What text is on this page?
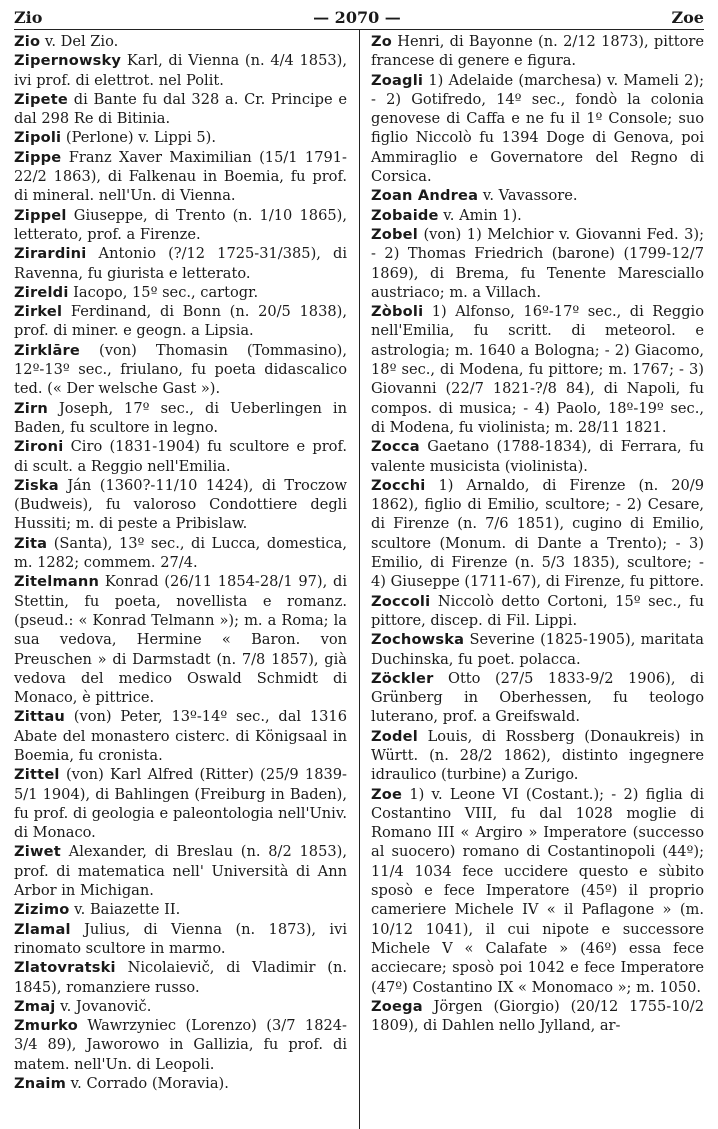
Zio	— 2070 —	Zoe

Zio v. Del Zio.

Zipernowsky Karl, di Vienna (n. 4/4 1853), ivi prof. di elettrot. nel Polit.

Zipete di Bante fu dal 328 a. Cr. Principe e dal 298 Re di Bitinia.

Zipoli (Perlone) v. Lippi 5).

Zippe Franz Xaver Maximilian (15/1 1791-22/2 1863), di Falkenau in Boemia, fu prof. di mineral. nell'Un. di Vienna.

Zippel Giuseppe, di Trento (n. 1/10 1865), letterato, prof. a Firenze.

Zirardini Antonio (?/12 1725-31/385), di Ravenna, fu giurista e letterato.

Zireldi Iacopo, 15º sec., cartogr.

Zirkel Ferdinand, di Bonn (n. 20/5 1838), prof. di miner. e geogn. a Lipsia.

Zirklāre (von) Thomasin (Tommasino), 12º-13º sec., friulano, fu poeta didascalico ted. (« Der welsche Gast »).

Zirn Joseph, 17º sec., di Ueberlingen in Baden, fu scultore in legno.

Zironi Ciro (1831-1904) fu scultore e prof. di scult. a Reggio nell'Emilia.

Ziska Ján (1360?-11/10 1424), di Troczow (Budweis), fu valoroso Condottiere degli Hussiti; m. di peste a Pribislaw.

Zita (Santa), 13º sec., di Lucca, domestica, m. 1282; commem. 27/4.

Zitelmann Konrad (26/11 1854-28/1 97), di Stettin, fu poeta, novellista e romanz. (pseud.: « Konrad Telmann »); m. a Roma; la sua vedova, Hermine « Baron. von Preuschen » di Darmstadt (n. 7/8 1857), già vedova del medico Oswald Schmidt di Monaco, è pittrice.

Zittau (von) Peter, 13º-14º sec., dal 1316 Abate del monastero cisterc. di Königsaal in Boemia, fu cronista.

Zittel (von) Karl Alfred (Ritter) (25/9 1839-5/1 1904), di Bahlingen (Freiburg in Baden), fu prof. di geologia e paleontologia nell'Univ. di Monaco.

Ziwet Alexander, di Breslau (n. 8/2 1853), prof. di matematica nell' Università di Ann Arbor in Michigan.

Zizimo v. Baiazette II.

Zlamal Julius, di Vienna (n. 1873), ivi rinomato scultore in marmo.

Zlatovratski Nicolaievič, di Vladimir (n. 1845), romanziere russo.

Zmaj v. Jovanovič.

Zmurko Wawrzyniec (Lorenzo) (3/7 1824-3/4 89), Jaworowo in Gallizia, fu prof. di matem. nell'Un. di Leopoli.

Znaim v. Corrado (Moravia).

Zo Henri, di Bayonne (n. 2/12 1873), pittore francese di genere e figura.

Zoagli 1) Adelaide (marchesa) v. Mameli 2); - 2) Gotifredo, 14º sec., fondò la colonia genovese di Caffa e ne fu il 1º Console; suo figlio Niccolò fu 1394 Doge di Genova, poi Ammiraglio e Governatore del Regno di Corsica.

Zoan Andrea v. Vavassore.

Zobaide v. Amin 1).

Zobel (von) 1) Melchior v. Giovanni Fed. 3); - 2) Thomas Friedrich (barone) (1799-12/7 1869), di Brema, fu Tenente Maresciallo austriaco; m. a Villach.

Zòboli 1) Alfonso, 16º-17º sec., di Reggio nell'Emilia, fu scritt. di meteorol. e astrologia; m. 1640 a Bologna; - 2) Giacomo, 18º sec., di Modena, fu pittore; m. 1767; - 3) Giovanni (22/7 1821-?/8 84), di Napoli, fu compos. di musica; - 4) Paolo, 18º-19º sec., di Modena, fu violinista; m. 28/11 1821.

Zocca Gaetano (1788-1834), di Ferrara, fu valente musicista (violinista).

Zocchi 1) Arnaldo, di Firenze (n. 20/9 1862), figlio di Emilio, scultore; - 2) Cesare, di Firenze (n. 7/6 1851), cugino di Emilio, scultore (Monum. di Dante a Trento); - 3) Emilio, di Firenze (n. 5/3 1835), scultore; - 4) Giuseppe (1711-67), di Firenze, fu pittore.

Zoccoli Niccolò detto Cortoni, 15º sec., fu pittore, discep. di Fil. Lippi.

Zochowska Severine (1825-1905), maritata Duchinska, fu poet. polacca.

Zöckler Otto (27/5 1833-9/2 1906), di Grünberg in Oberhessen, fu teologo luterano, prof. a Greifswald.

Zodel Louis, di Rossberg (Donaukreis) in Württ. (n. 28/2 1862), distinto ingegnere idraulico (turbine) a Zurigo.

Zoe 1) v. Leone VI (Costant.); - 2) figlia di Costantino VIII, fu dal 1028 moglie di Romano III « Argiro » Imperatore (successo al suocero) romano di Costantinopoli (44º); 11/4 1034 fece uccidere questo e sùbito sposò e fece Imperatore (45º) il proprio cameriere Michele IV « il Paflagone » (m. 10/12 1041), il cui nipote e successore Michele V « Calafate » (46º) essa fece acciecare; sposò poi 1042 e fece Imperatore (47º) Costantino IX « Monomaco »; m. 1050.

Zoega Jörgen (Giorgio) (20/12 1755-10/2 1809), di Dahlen nello Jylland, ar-
